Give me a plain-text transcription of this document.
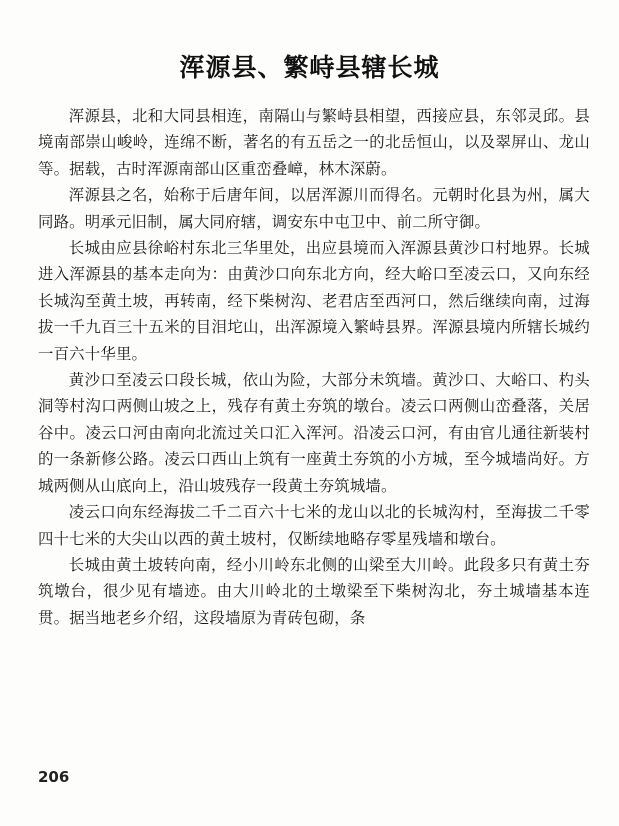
浑源县、繁峙县辖长城

浑源县，北和大同县相连，南隔山与繁峙县相望，西接应县，东邻灵邱。县境南部崇山峻岭，连绵不断，著名的有五岳之一的北岳恒山，以及翠屏山、龙山等。据载，古时浑源南部山区重峦叠嶂，林木深蔚。

浑源县之名，始称于后唐年间，以居浑源川而得名。元朝时化县为州，属大同路。明承元旧制，属大同府辖，调安东中屯卫中、前二所守御。

长城由应县徐峪村东北三华里处，出应县境而入浑源县黄沙口村地界。长城进入浑源县的基本走向为：由黄沙口向东北方向，经大峪口至凌云口，又向东经长城沟至黄土坡，再转南，经下柴树沟、老君店至西河口，然后继续向南，过海拔一千九百三十五米的目泪坨山，出浑源境入繁峙县界。浑源县境内所辖长城约一百六十华里。

黄沙口至凌云口段长城，依山为险，大部分未筑墙。黄沙口、大峪口、杓头洞等村沟口两侧山坡之上，残存有黄土夯筑的墩台。凌云口两侧山峦叠落，关居谷中。凌云口河由南向北流过关口汇入浑河。沿凌云口河，有由官儿通往新装村的一条新修公路。凌云口西山上筑有一座黄土夯筑的小方城，至今城墙尚好。方城两侧从山底向上，沿山坡残存一段黄土夯筑城墙。

凌云口向东经海拔二千二百六十七米的龙山以北的长城沟村，至海拔二千零四十七米的大尖山以西的黄土坡村，仅断续地略存零星残墙和墩台。

长城由黄土坡转向南，经小川岭东北侧的山梁至大川岭。此段多只有黄土夯筑墩台，很少见有墙迹。由大川岭北的土墩梁至下柴树沟北，夯土城墙基本连贯。据当地老乡介绍，这段墙原为青砖包砌，条

206
